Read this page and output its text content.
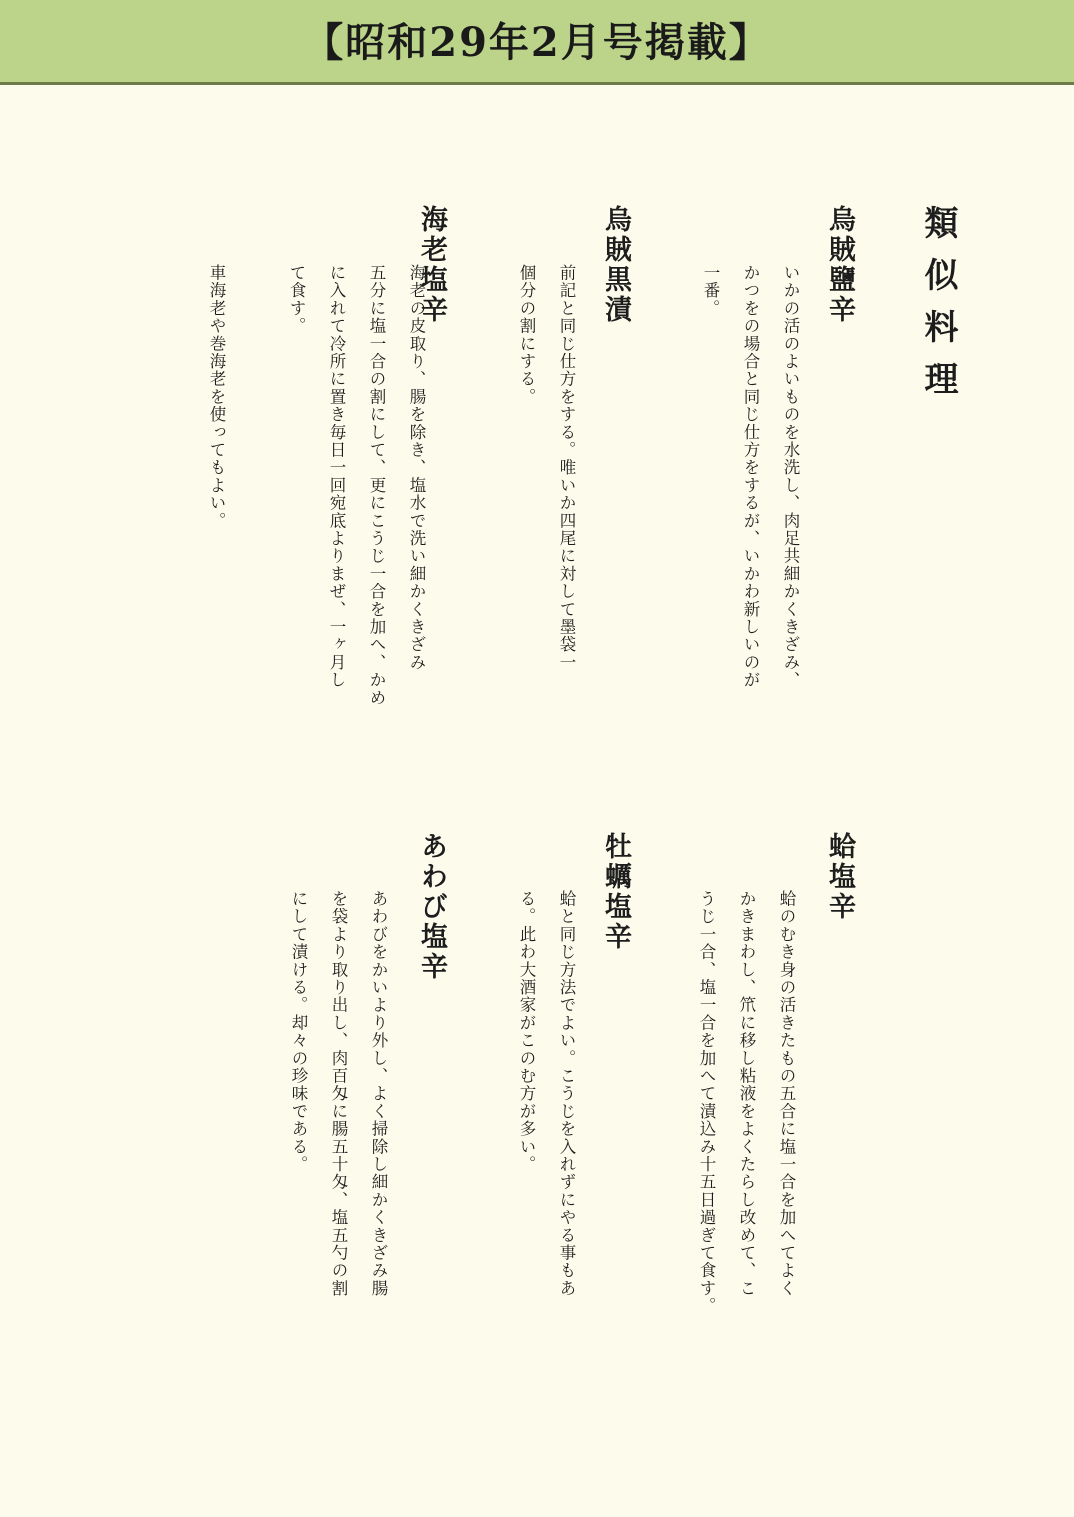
【昭和29年2月号掲載】
類似料理
烏賊鹽辛
いかの活のよいものを水洗し、肉足共細かくきざみ、
かつをの場合と同じ仕方をするが、いかわ新しいのが
一番。
烏賊黒漬
前記と同じ仕方をする。唯いか四尾に対して墨袋一
個分の割にする。
海老塩辛
海老の皮取り、腸を除き、塩水で洗い細かくきざみ
五分に塩一合の割にして、更にこうじ一合を加へ、かめ
に入れて冷所に置き毎日一回宛底よりまぜ、一ヶ月し
て食す。

車海老や巻海老を使ってもよい。
蛤塩辛
蛤のむき身の活きたもの五合に塩一合を加へてよく
かきまわし、笊に移し粘液をよくたらし改めて、こ
うじ一合、塩一合を加へて漬込み十五日過ぎて食す。
牡蠣塩辛
蛤と同じ方法でよい。こうじを入れずにやる事もあ
る。此わ大酒家がこのむ方が多い。
あわび塩辛
あわびをかいより外し、よく掃除し細かくきざみ腸
を袋より取り出し、肉百匁に腸五十匁、塩五勺の割
にして漬ける。却々の珍味である。
